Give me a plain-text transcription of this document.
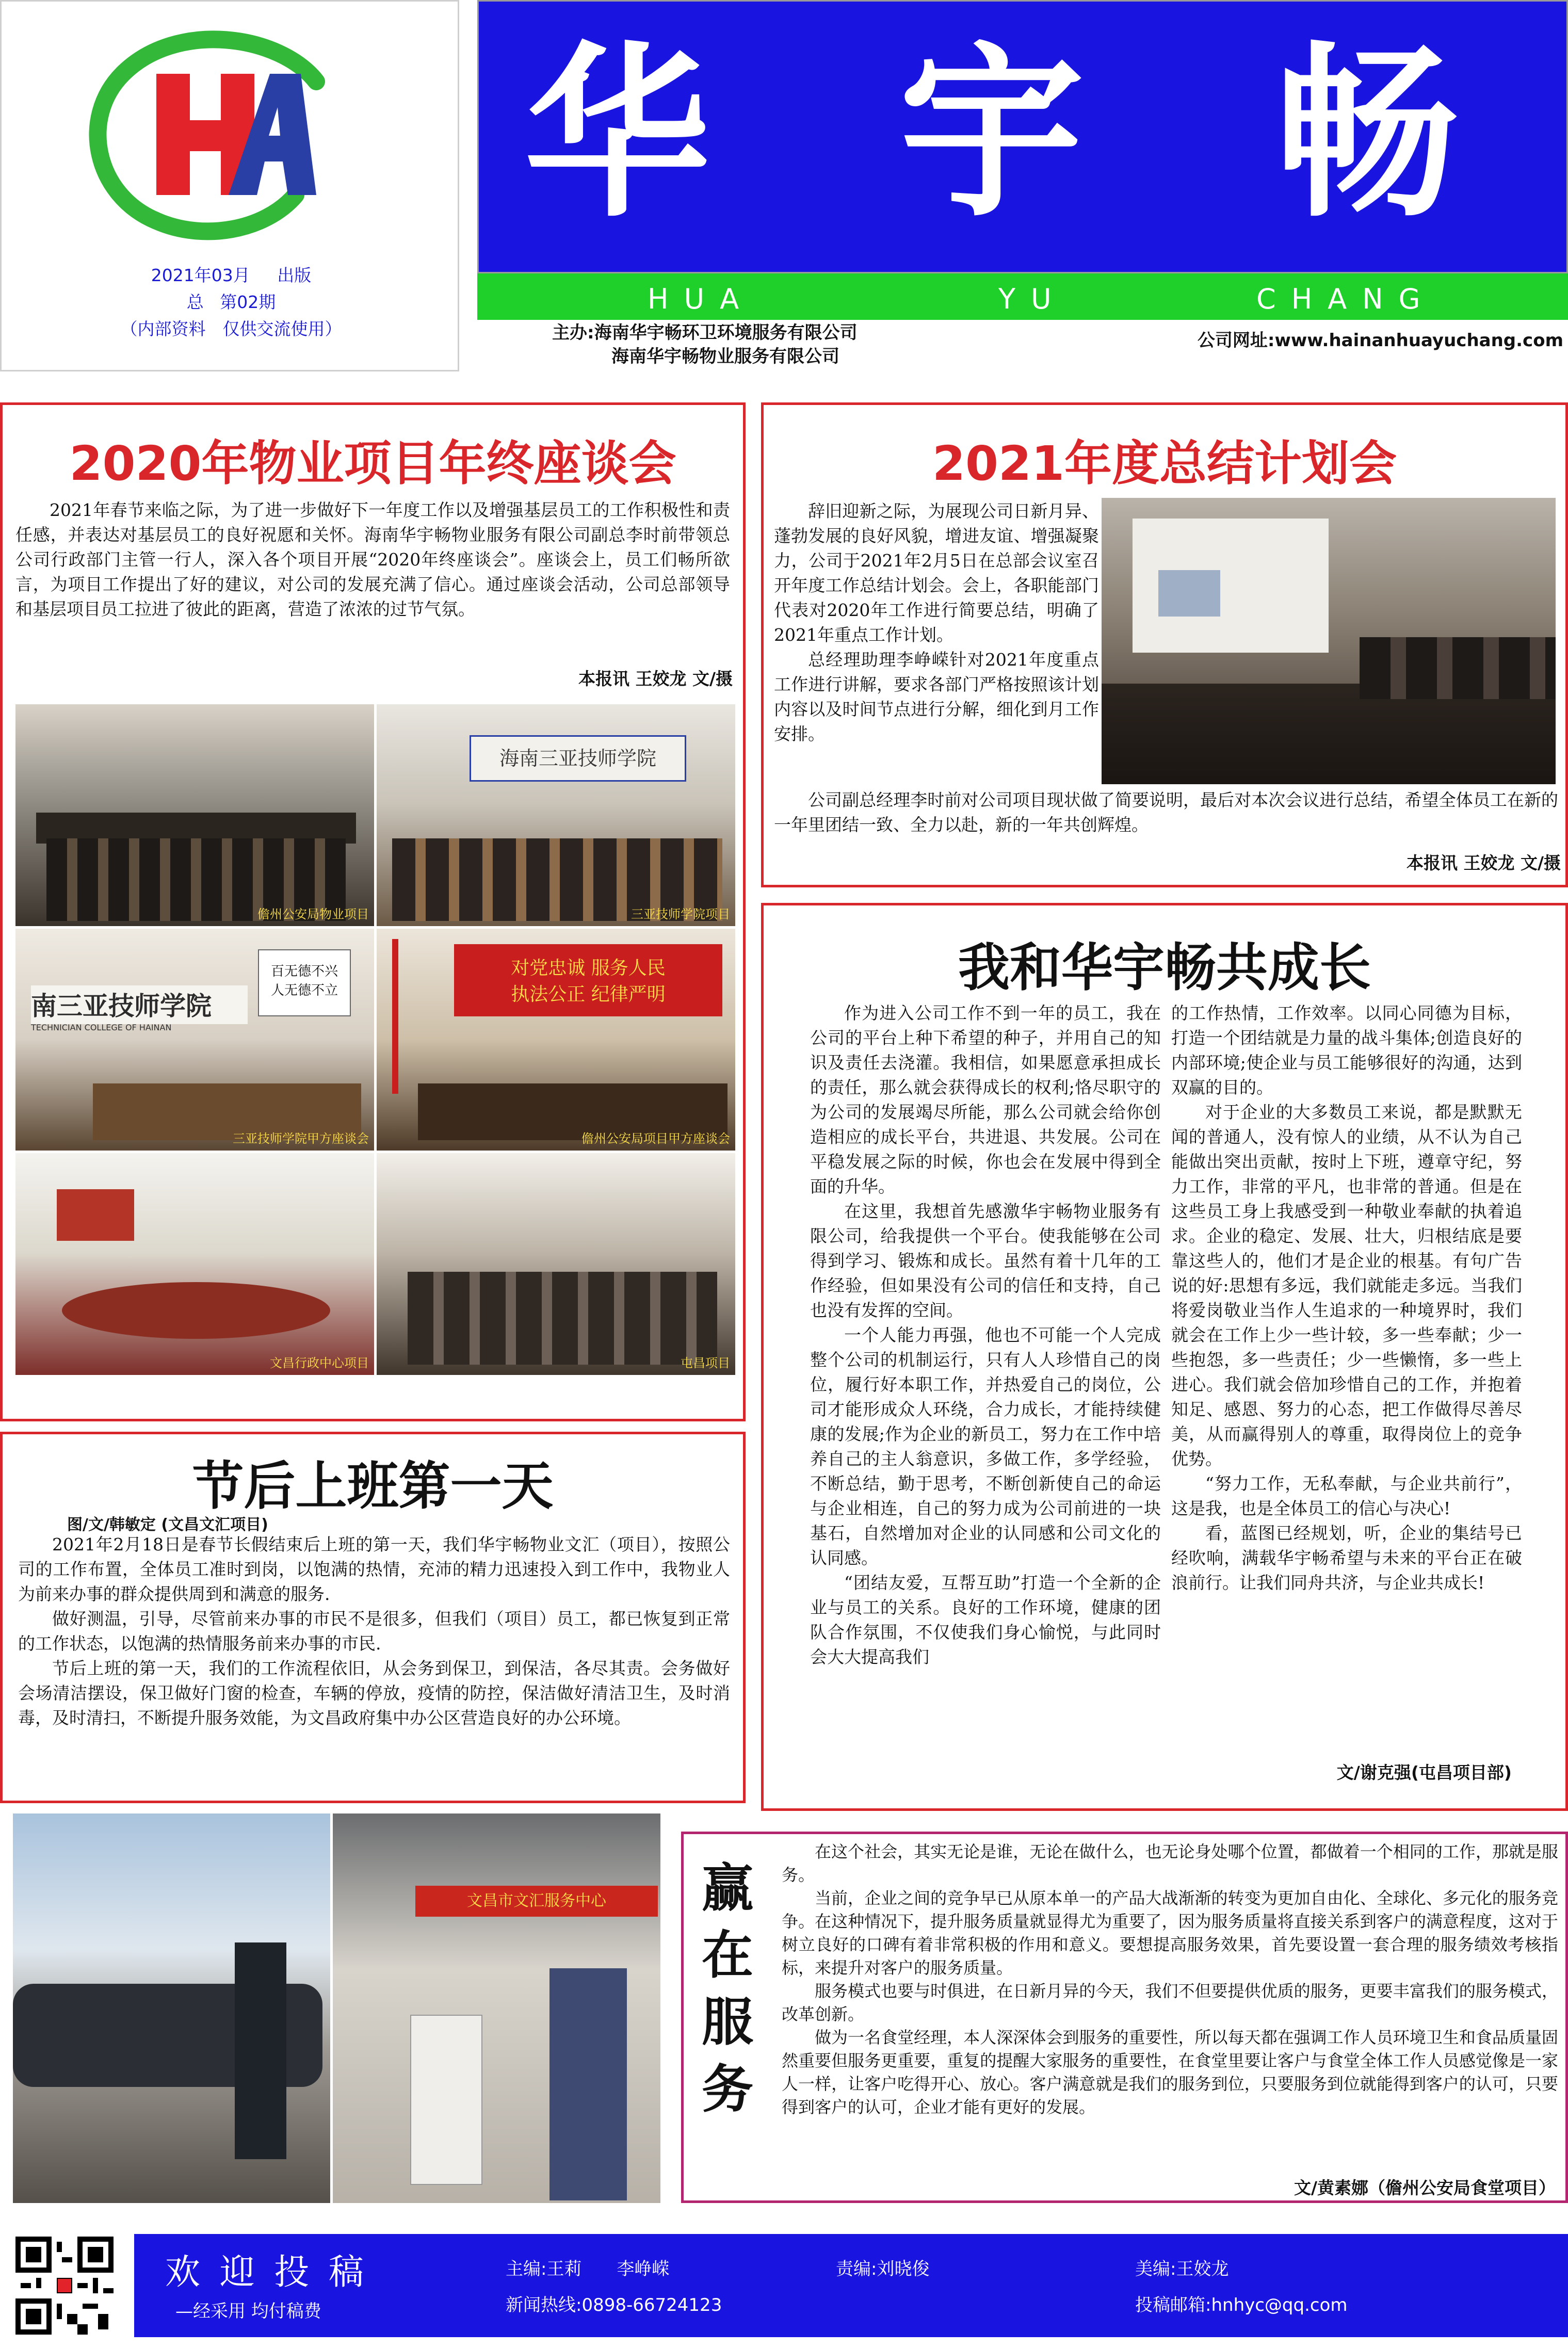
2021年03月 出版
总 第02期
（内部资料　仅供交流使用）
华 宇 畅
HUA	YU	CHANG
主办:海南华宇畅环卫环境服务有限公司
海南华宇畅物业服务有限公司
公司网址:www.hainanhuayuchang.com
2020年物业项目年终座谈会

2021年春节来临之际，为了进一步做好下一年度工作以及增强基层员工的工作积极性和责任感，并表达对基层员工的良好祝愿和关怀。海南华宇畅物业服务有限公司副总李时前带领总公司行政部门主管一行人，深入各个项目开展“2020年终座谈会”。座谈会上，员工们畅所欲言，为项目工作提出了好的建议，对公司的发展充满了信心。通过座谈会活动，公司总部领导和基层项目员工拉进了彼此的距离，营造了浓浓的过节气氛。

本报讯 王姣龙 文/摄
儋州公安局物业项目
海南三亚技师学院
三亚技师学院项目
南三亚技师学院
TECHNICIAN COLLEGE OF HAINAN
百无德不兴
人无德不立
三亚技师学院甲方座谈会
对党忠诚 服务人民
执法公正 纪律严明
儋州公安局项目甲方座谈会
文昌行政中心项目	屯昌项目
2021年度总结计划会

辞旧迎新之际，为展现公司日新月异、蓬勃发展的良好风貌，增进友谊、增强凝聚力，公司于2021年2月5日在总部会议室召开年度工作总结计划会。会上，各职能部门代表对2020年工作进行简要总结，明确了2021年重点工作计划。

总经理助理李峥嵘针对2021年度重点工作进行讲解，要求各部门严格按照该计划内容以及时间节点进行分解，细化到月工作安排。

公司副总经理李时前对公司项目现状做了简要说明，最后对本次会议进行总结，希望全体员工在新的一年里团结一致、全力以赴，新的一年共创辉煌。

本报讯 王姣龙 文/摄
我和华宇畅共成长

作为进入公司工作不到一年的员工，我在公司的平台上种下希望的种子，并用自己的知识及责任去浇灌。我相信，如果愿意承担成长的责任，那么就会获得成长的权利;恪尽职守的为公司的发展竭尽所能，那么公司就会给你创造相应的成长平台，共进退、共发展。公司在平稳发展之际的时候，你也会在发展中得到全面的升华。

在这里，我想首先感激华宇畅物业服务有限公司，给我提供一个平台。使我能够在公司得到学习、锻炼和成长。虽然有着十几年的工作经验，但如果没有公司的信任和支持，自己也没有发挥的空间。

一个人能力再强，他也不可能一个人完成整个公司的机制运行，只有人人珍惜自己的岗位，履行好本职工作，并热爱自己的岗位，公司才能形成众人环绕，合力成长，才能持续健康的发展;作为企业的新员工，努力在工作中培养自己的主人翁意识，多做工作，多学经验，不断总结，勤于思考，不断创新使自己的命运与企业相连，自己的努力成为公司前进的一块基石，自然增加对企业的认同感和公司文化的认同感。

“团结友爱，互帮互助”打造一个全新的企业与员工的关系。良好的工作环境，健康的团队合作氛围，不仅使我们身心愉悦，与此同时会大大提高我们

的工作热情，工作效率。以同心同德为目标，打造一个团结就是力量的战斗集体;创造良好的内部环境;使企业与员工能够很好的沟通，达到双赢的目的。

对于企业的大多数员工来说，都是默默无闻的普通人，没有惊人的业绩，从不认为自己能做出突出贡献，按时上下班，遵章守纪，努力工作，非常的平凡，也非常的普通。但是在这些员工身上我感受到一种敬业奉献的执着追求。企业的稳定、发展、壮大，归根结底是要靠这些人的，他们才是企业的根基。有句广告说的好:思想有多远，我们就能走多远。当我们将爱岗敬业当作人生追求的一种境界时，我们就会在工作上少一些计较，多一些奉献；少一些抱怨，多一些责任；少一些懒惰，多一些上进心。我们就会倍加珍惜自己的工作，并抱着知足、感恩、努力的心态，把工作做得尽善尽美，从而赢得别人的尊重，取得岗位上的竞争优势。

“努力工作，无私奉献，与企业共前行”，这是我，也是全体员工的信心与决心!

看，蓝图已经规划，听，企业的集结号已经吹响，满载华宇畅希望与未来的平台正在破浪前行。让我们同舟共济，与企业共成长!

文/谢克强(屯昌项目部)
节后上班第一天
图/文/韩敏定 (文昌文汇项目)

2021年2月18日是春节长假结束后上班的第一天，我们华宇畅物业文汇（项目），按照公司的工作布置，全体员工准时到岗，以饱满的热情，充沛的精力迅速投入到工作中，我物业人为前来办事的群众提供周到和满意的服务.

做好测温，引导，尽管前来办事的市民不是很多，但我们（项目）员工，都已恢复到正常的工作状态，以饱满的热情服务前来办事的市民.

节后上班的第一天，我们的工作流程依旧，从会务到保卫，到保洁，各尽其责。会务做好会场清洁摆设，保卫做好门窗的检查，车辆的停放，疫情的防控，保洁做好清洁卫生，及时消毒，及时清扫，不断提升服务效能，为文昌政府集中办公区营造良好的办公环境。

文昌市文汇服务中心	赢
在
服
务

在这个社会，其实无论是谁，无论在做什么，也无论身处哪个位置，都做着一个相同的工作，那就是服务。

当前，企业之间的竞争早已从原本单一的产品大战渐渐的转变为更加自由化、全球化、多元化的服务竞争。在这种情况下，提升服务质量就显得尤为重要了，因为服务质量将直接关系到客户的满意程度，这对于树立良好的口碑有着非常积极的作用和意义。要想提高服务效果，首先要设置一套合理的服务绩效考核指标，来提升对客户的服务质量。

服务模式也要与时俱进，在日新月异的今天，我们不但要提供优质的服务，更要丰富我们的服务模式，改革创新。

做为一名食堂经理，本人深深体会到服务的重要性，所以每天都在强调工作人员环境卫生和食品质量固然重要但服务更重要，重复的提醒大家服务的重要性，在食堂里要让客户与食堂全体工作人员感觉像是一家人一样，让客户吃得开心、放心。客户满意就是我们的服务到位，只要服务到位就能得到客户的认可，只要得到客户的认可，企业才能有更好的发展。

文/黄素娜（儋州公安局食堂项目）
欢 迎 投 稿
—经采用 均付稿费
主编:王莉　　李峥嵘	责编:刘晓俊	美编:王姣龙
新闻热线:0898-66724123	投稿邮箱:hnhyc@qq.com
